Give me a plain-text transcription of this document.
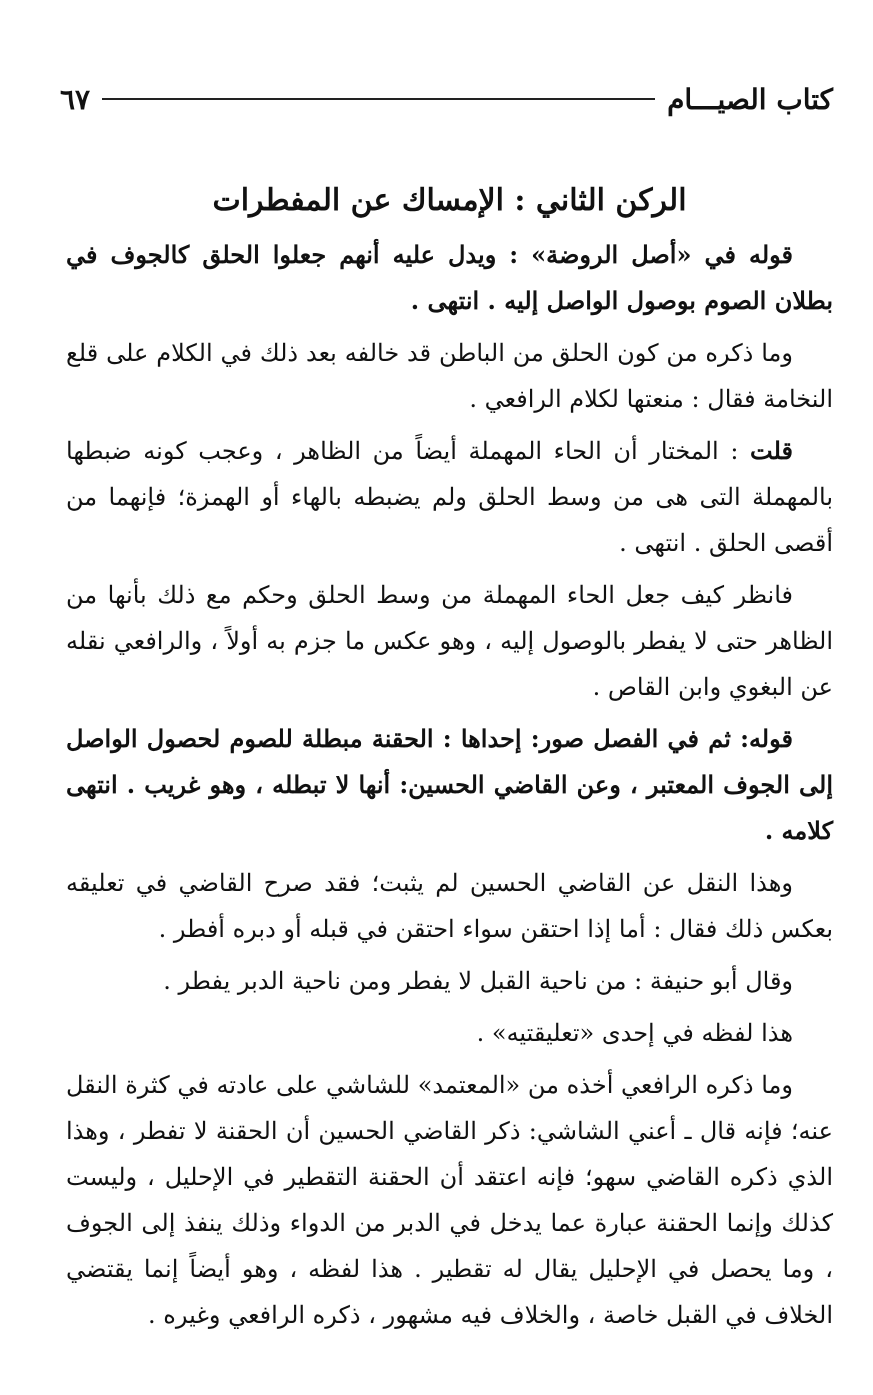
كتاب الصيـــام
٦٧
الركن الثاني : الإمساك عن المفطرات

قوله في «أصل الروضة» : ويدل عليه أنهم جعلوا الحلق كالجوف في بطلان الصوم بوصول الواصل إليه . انتهى .

وما ذكره من كون الحلق من الباطن قد خالفه بعد ذلك في الكلام على قلع النخامة فقال : منعتها لكلام الرافعي .

قلت : المختار أن الحاء المهملة أيضاً من الظاهر ، وعجب كونه ضبطها بالمهملة التى هى من وسط الحلق ولم يضبطه بالهاء أو الهمزة؛ فإنهما من أقصى الحلق . انتهى .

فانظر كيف جعل الحاء المهملة من وسط الحلق وحكم مع ذلك بأنها من الظاهر حتى لا يفطر بالوصول إليه ، وهو عكس ما جزم به أولاً ، والرافعي نقله عن البغوي وابن القاص .

قوله: ثم في الفصل صور: إحداها : الحقنة مبطلة للصوم لحصول الواصل إلى الجوف المعتبر ، وعن القاضي الحسين: أنها لا تبطله ، وهو غريب . انتهى كلامه .

وهذا النقل عن القاضي الحسين لم يثبت؛ فقد صرح القاضي في تعليقه بعكس ذلك فقال : أما إذا احتقن سواء احتقن في قبله أو دبره أفطر .

وقال أبو حنيفة : من ناحية القبل لا يفطر ومن ناحية الدبر يفطر .

هذا لفظه في إحدى «تعليقتيه» .

وما ذكره الرافعي أخذه من «المعتمد» للشاشي على عادته في كثرة النقل عنه؛ فإنه قال ـ أعني الشاشي: ذكر القاضي الحسين أن الحقنة لا تفطر ، وهذا الذي ذكره القاضي سهو؛ فإنه اعتقد أن الحقنة التقطير في الإحليل ، وليست كذلك وإنما الحقنة عبارة عما يدخل في الدبر من الدواء وذلك ينفذ إلى الجوف ، وما يحصل في الإحليل يقال له تقطير . هذا لفظه ، وهو أيضاً إنما يقتضي الخلاف في القبل خاصة ، والخلاف فيه مشهور ، ذكره الرافعي وغيره .
